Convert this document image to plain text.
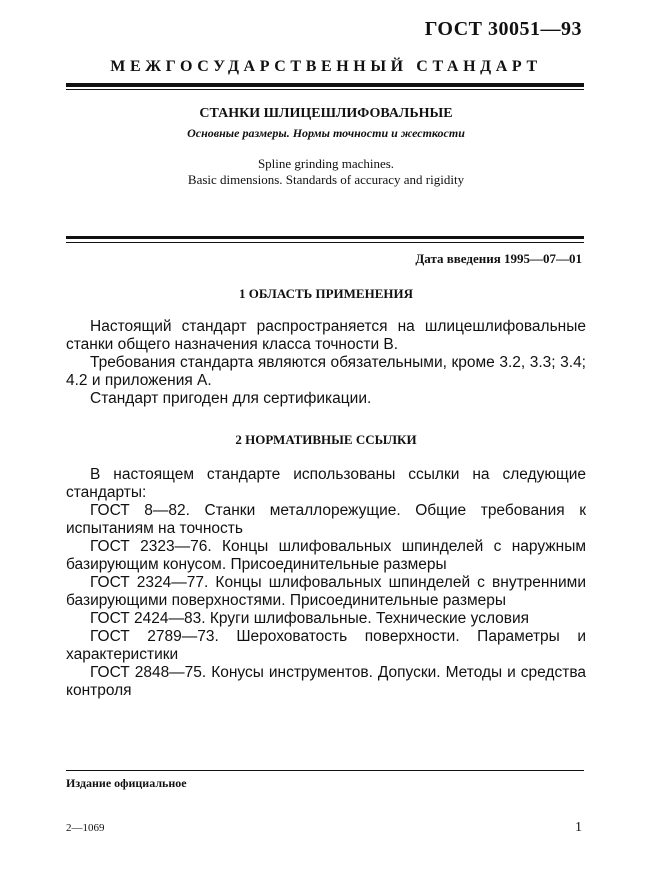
ГОСТ 30051—93
МЕЖГОСУДАРСТВЕННЫЙ СТАНДАРТ
СТАНКИ ШЛИЦЕШЛИФОВАЛЬНЫЕ
Основные размеры. Нормы точности и жесткости
Spline grinding machines.
Basic dimensions. Standards of accuracy and rigidity
Дата введения 1995—07—01
1 ОБЛАСТЬ ПРИМЕНЕНИЯ

Настоящий стандарт распространяется на шлицешлифовальные станки общего назначения класса точности В.

Требования стандарта являются обязательными, кроме 3.2, 3.3; 3.4; 4.2 и приложения А.

Стандарт пригоден для сертификации.

2 НОРМАТИВНЫЕ ССЫЛКИ

В настоящем стандарте использованы ссылки на следующие стандарты:

ГОСТ 8—82. Станки металлорежущие. Общие требования к испытаниям на точность

ГОСТ 2323—76. Концы шлифовальных шпинделей с наружным базирующим конусом. Присоединительные размеры

ГОСТ 2324—77. Концы шлифовальных шпинделей с внутренними базирующими поверхностями. Присоединительные размеры

ГОСТ 2424—83. Круги шлифовальные. Технические условия

ГОСТ 2789—73. Шероховатость поверхности. Параметры и характеристики

ГОСТ 2848—75. Конусы инструментов. Допуски. Методы и средства контроля

Издание официальное
2—1069	1
